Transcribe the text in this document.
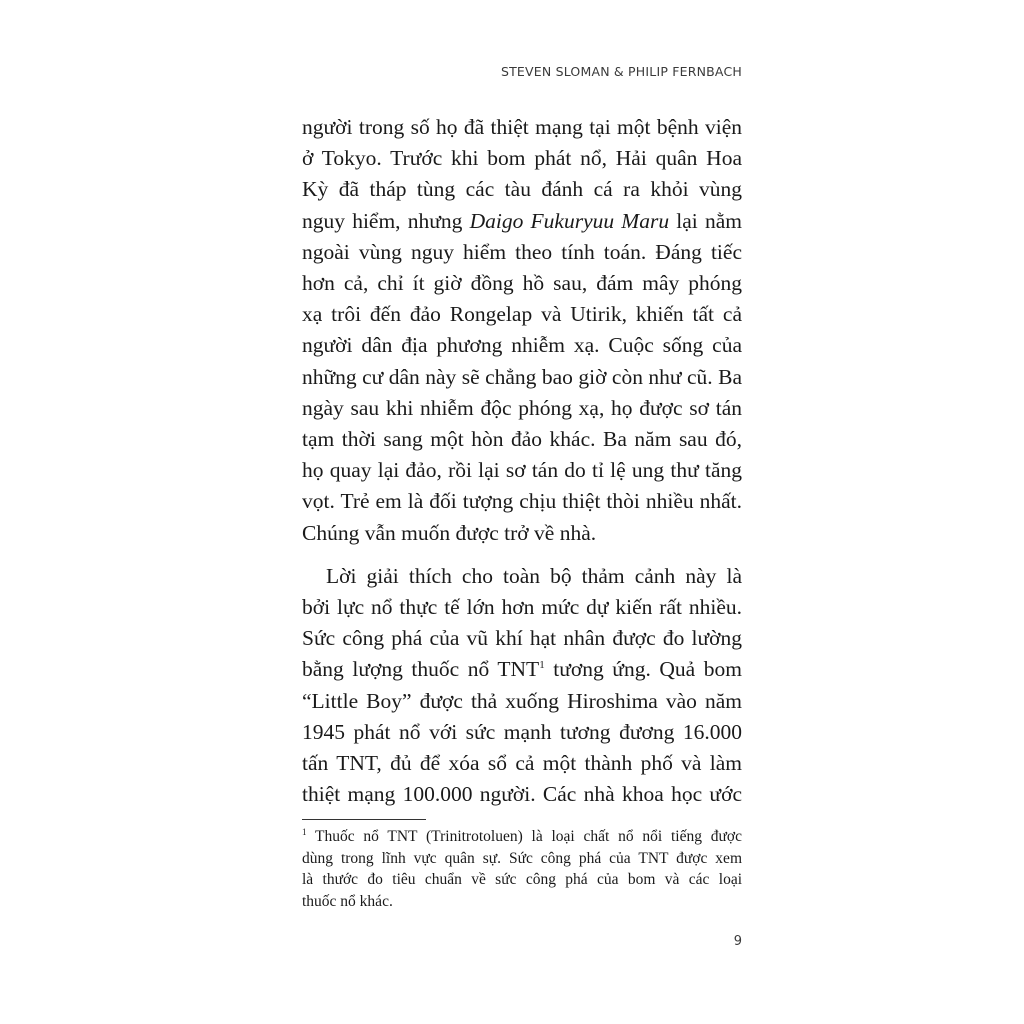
STEVEN SLOMAN & PHILIP FERNBACH
người trong số họ đã thiệt mạng tại một bệnh viện
ở Tokyo. Trước khi bom phát nổ, Hải quân Hoa
Kỳ đã tháp tùng các tàu đánh cá ra khỏi vùng
nguy hiểm, nhưng Daigo Fukuryuu Maru lại nằm
ngoài vùng nguy hiểm theo tính toán. Đáng tiếc
hơn cả, chỉ ít giờ đồng hồ sau, đám mây phóng
xạ trôi đến đảo Rongelap và Utirik, khiến tất cả
người dân địa phương nhiễm xạ. Cuộc sống của
những cư dân này sẽ chẳng bao giờ còn như cũ. Ba
ngày sau khi nhiễm độc phóng xạ, họ được sơ tán
tạm thời sang một hòn đảo khác. Ba năm sau đó,
họ quay lại đảo, rồi lại sơ tán do tỉ lệ ung thư tăng
vọt. Trẻ em là đối tượng chịu thiệt thòi nhiều nhất.
Chúng vẫn muốn được trở về nhà.
Lời giải thích cho toàn bộ thảm cảnh này là
bởi lực nổ thực tế lớn hơn mức dự kiến rất nhiều.
Sức công phá của vũ khí hạt nhân được đo lường
bằng lượng thuốc nổ TNT$^1$ tương ứng. Quả bom
“Little Boy” được thả xuống Hiroshima vào năm
1945 phát nổ với sức mạnh tương đương 16.000
tấn TNT, đủ để xóa sổ cả một thành phố và làm
thiệt mạng 100.000 người. Các nhà khoa học ước
$^1$ Thuốc nổ TNT (Trinitrotoluen) là loại chất nổ nổi tiếng được
dùng trong lĩnh vực quân sự. Sức công phá của TNT được xem
là thước đo tiêu chuẩn về sức công phá của bom và các loại
thuốc nổ khác.
9
